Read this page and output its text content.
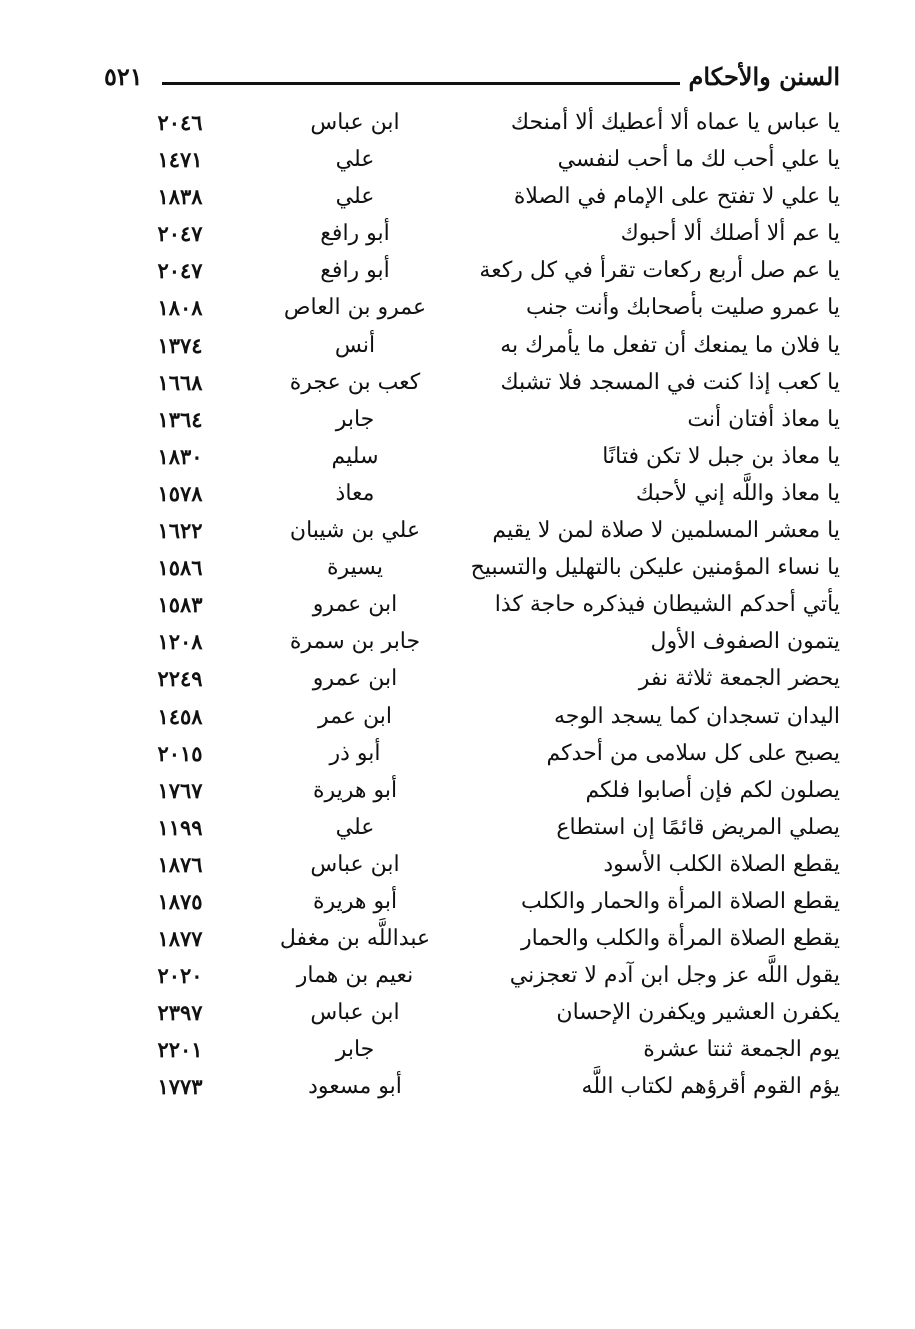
السنن والأحكام
٥٢١
يا عباس يا عماه ألا أعطيك ألا أمنحك
ابن عباس
٢٠٤٦
يا علي أحب لك ما أحب لنفسي
علي
١٤٧١
يا علي لا تفتح على الإمام في الصلاة
علي
١٨٣٨
يا عم ألا أصلك ألا أحبوك
أبو رافع
٢٠٤٧
يا عم صل أربع ركعات تقرأ في كل ركعة
أبو رافع
٢٠٤٧
يا عمرو صليت بأصحابك وأنت جنب
عمرو بن العاص
١٨٠٨
يا فلان ما يمنعك أن تفعل ما يأمرك به
أنس
١٣٧٤
يا كعب إذا كنت في المسجد فلا تشبك
كعب بن عجرة
١٦٦٨
يا معاذ أفتان أنت
جابر
١٣٦٤
يا معاذ بن جبل لا تكن فتانًا
سليم
١٨٣٠
يا معاذ واللَّه إني لأحبك
معاذ
١٥٧٨
يا معشر المسلمين لا صلاة لمن لا يقيم
علي بن شيبان
١٦٢٢
يا نساء المؤمنين عليكن بالتهليل والتسبيح
يسيرة
١٥٨٦
يأتي أحدكم الشيطان فيذكره حاجة كذا
ابن عمرو
١٥٨٣
يتمون الصفوف الأول
جابر بن سمرة
١٢٠٨
يحضر الجمعة ثلاثة نفر
ابن عمرو
٢٢٤٩
اليدان تسجدان كما يسجد الوجه
ابن عمر
١٤٥٨
يصبح على كل سلامى من أحدكم
أبو ذر
٢٠١٥
يصلون لكم فإن أصابوا فلكم
أبو هريرة
١٧٦٧
يصلي المريض قائمًا إن استطاع
علي
١١٩٩
يقطع الصلاة الكلب الأسود
ابن عباس
١٨٧٦
يقطع الصلاة المرأة والحمار والكلب
أبو هريرة
١٨٧٥
يقطع الصلاة المرأة والكلب والحمار
عبداللَّه بن مغفل
١٨٧٧
يقول اللَّه عز وجل ابن آدم لا تعجزني
نعيم بن همار
٢٠٢٠
يكفرن العشير ويكفرن الإحسان
ابن عباس
٢٣٩٧
يوم الجمعة ثنتا عشرة
جابر
٢٢٠١
يؤم القوم أقرؤهم لكتاب اللَّه
أبو مسعود
١٧٧٣
